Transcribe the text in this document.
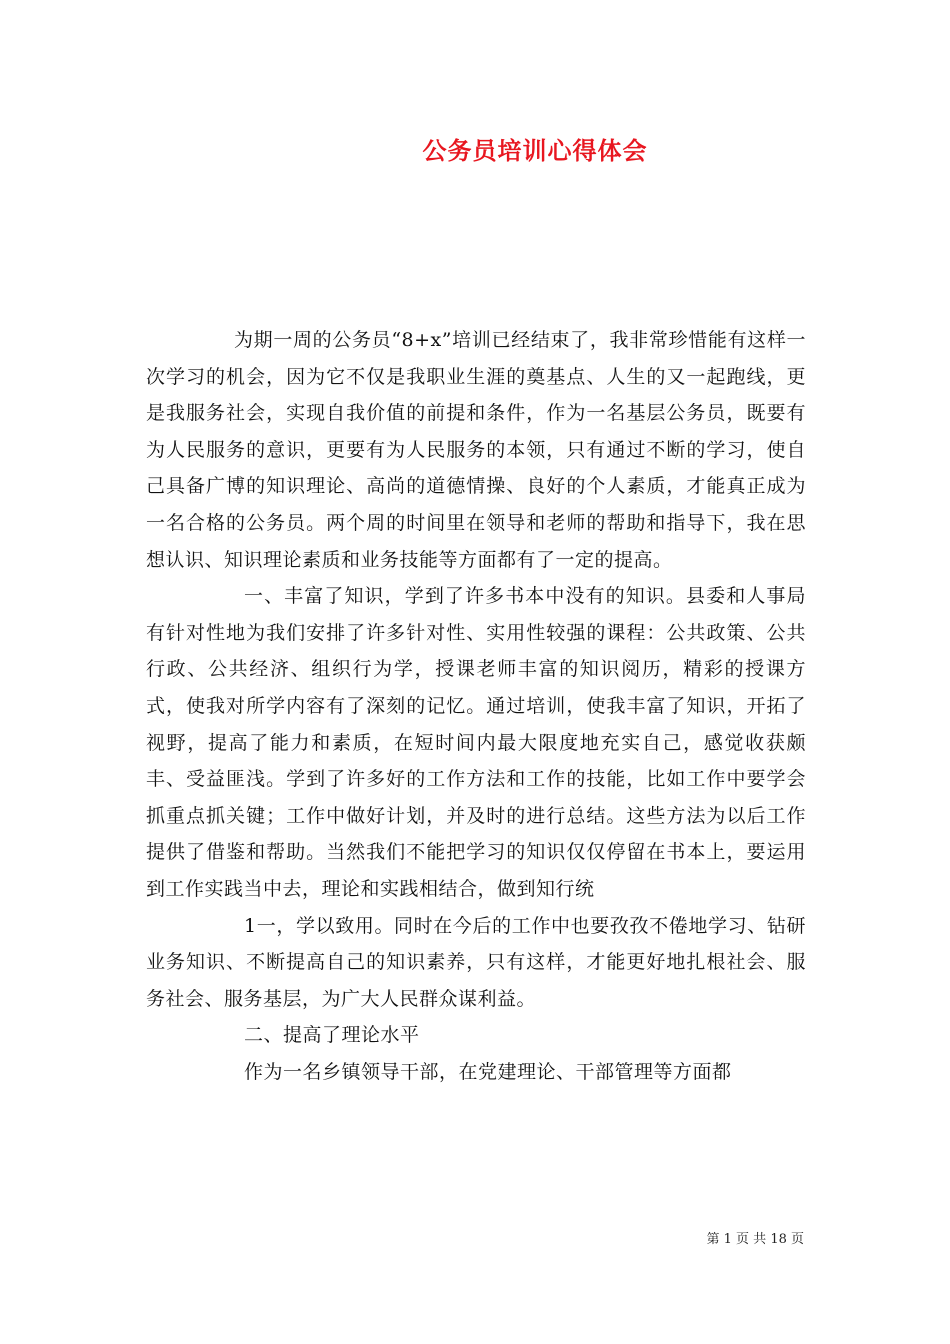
公务员培训心得体会

为期一周的公务员“8+x”培训已经结束了，我非常珍惜能有这样一次学习的机会，因为它不仅是我职业生涯的奠基点、人生的又一起跑线，更是我服务社会，实现自我价值的前提和条件，作为一名基层公务员，既要有为人民服务的意识，更要有为人民服务的本领，只有通过不断的学习，使自己具备广博的知识理论、高尚的道德情操、良好的个人素质，才能真正成为一名合格的公务员。两个周的时间里在领导和老师的帮助和指导下，我在思想认识、知识理论素质和业务技能等方面都有了一定的提高。

一、丰富了知识，学到了许多书本中没有的知识。县委和人事局有针对性地为我们安排了许多针对性、实用性较强的课程：公共政策、公共行政、公共经济、组织行为学，授课老师丰富的知识阅历，精彩的授课方式，使我对所学内容有了深刻的记忆。通过培训，使我丰富了知识，开拓了视野，提高了能力和素质，在短时间内最大限度地充实自己，感觉收获颇丰、受益匪浅。学到了许多好的工作方法和工作的技能，比如工作中要学会抓重点抓关键；工作中做好计划，并及时的进行总结。这些方法为以后工作提供了借鉴和帮助。当然我们不能把学习的知识仅仅停留在书本上，要运用到工作实践当中去，理论和实践相结合，做到知行统

1一，学以致用。同时在今后的工作中也要孜孜不倦地学习、钻研业务知识、不断提高自己的知识素养，只有这样，才能更好地扎根社会、服务社会、服务基层，为广大人民群众谋利益。

二、提高了理论水平

作为一名乡镇领导干部，在党建理论、干部管理等方面都

第 1 页 共 18 页
